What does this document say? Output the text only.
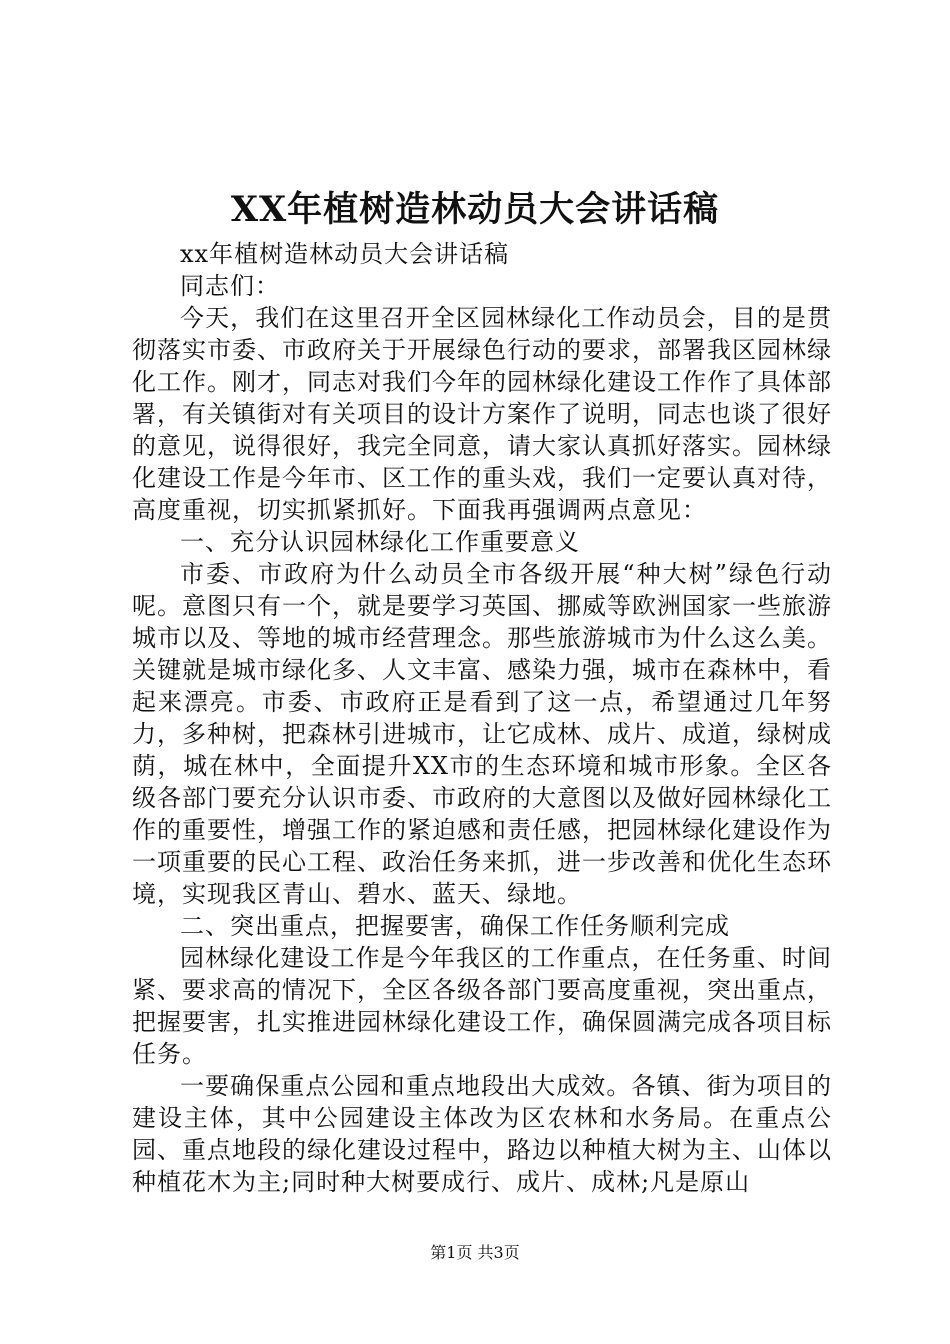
XX年植树造林动员大会讲话稿

xx年植树造林动员大会讲话稿

同志们：

今天，我们在这里召开全区园林绿化工作动员会，目的是贯彻落实市委、市政府关于开展绿色行动的要求，部署我区园林绿化工作。刚才，同志对我们今年的园林绿化建设工作作了具体部署，有关镇街对有关项目的设计方案作了说明，同志也谈了很好的意见，说得很好，我完全同意，请大家认真抓好落实。园林绿化建设工作是今年市、区工作的重头戏，我们一定要认真对待，高度重视，切实抓紧抓好。下面我再强调两点意见：

一、充分认识园林绿化工作重要意义

市委、市政府为什么动员全市各级开展“种大树”绿色行动呢。意图只有一个，就是要学习英国、挪威等欧洲国家一些旅游城市以及、等地的城市经营理念。那些旅游城市为什么这么美。关键就是城市绿化多、人文丰富、感染力强，城市在森林中，看起来漂亮。市委、市政府正是看到了这一点，希望通过几年努力，多种树，把森林引进城市，让它成林、成片、成道，绿树成荫，城在林中，全面提升XX市的生态环境和城市形象。全区各级各部门要充分认识市委、市政府的大意图以及做好园林绿化工作的重要性，增强工作的紧迫感和责任感，把园林绿化建设作为一项重要的民心工程、政治任务来抓，进一步改善和优化生态环境，实现我区青山、碧水、蓝天、绿地。

二、突出重点，把握要害，确保工作任务顺利完成

园林绿化建设工作是今年我区的工作重点，在任务重、时间紧、要求高的情况下，全区各级各部门要高度重视，突出重点，把握要害，扎实推进园林绿化建设工作，确保圆满完成各项目标任务。

一要确保重点公园和重点地段出大成效。各镇、街为项目的建设主体，其中公园建设主体改为区农林和水务局。在重点公园、重点地段的绿化建设过程中，路边以种植大树为主、山体以种植花木为主;同时种大树要成行、成片、成林;凡是原山

第1页 共3页
